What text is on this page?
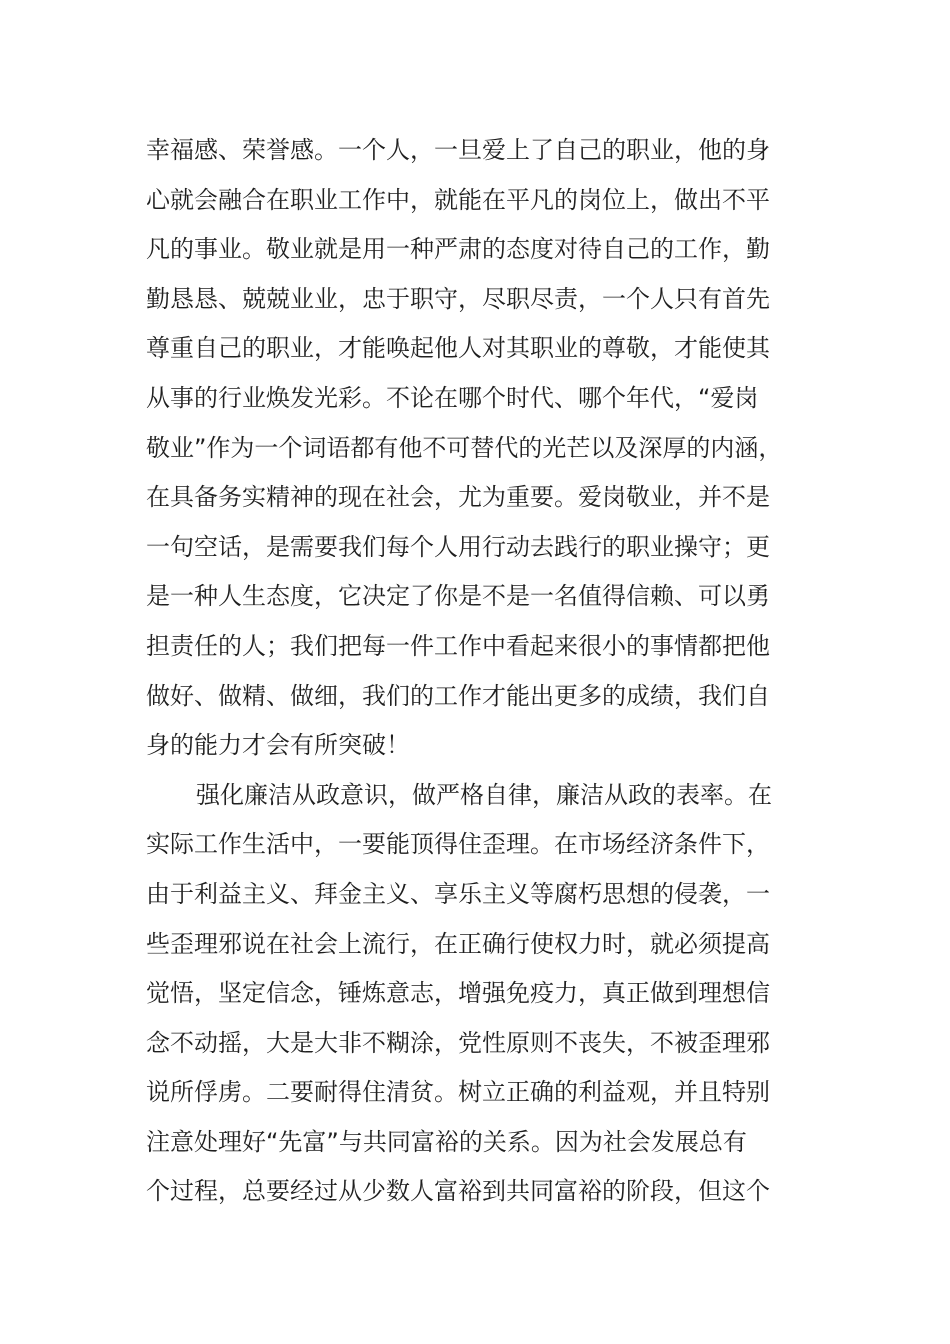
幸福感、荣誉感。一个人，一旦爱上了自己的职业，他的身
心就会融合在职业工作中，就能在平凡的岗位上，做出不平
凡的事业。敬业就是用一种严肃的态度对待自己的工作，勤
勤恳恳、兢兢业业，忠于职守，尽职尽责，一个人只有首先
尊重自己的职业，才能唤起他人对其职业的尊敬，才能使其
从事的行业焕发光彩。不论在哪个时代、哪个年代，“爱岗
敬业”作为一个词语都有他不可替代的光芒以及深厚的内涵，
在具备务实精神的现在社会，尤为重要。爱岗敬业，并不是
一句空话，是需要我们每个人用行动去践行的职业操守；更
是一种人生态度，它决定了你是不是一名值得信赖、可以勇
担责任的人；我们把每一件工作中看起来很小的事情都把他
做好、做精、做细，我们的工作才能出更多的成绩，我们自
身的能力才会有所突破！
强化廉洁从政意识，做严格自律，廉洁从政的表率。在
实际工作生活中，一要能顶得住歪理。在市场经济条件下，
由于利益主义、拜金主义、享乐主义等腐朽思想的侵袭，一
些歪理邪说在社会上流行，在正确行使权力时，就必须提高
觉悟，坚定信念，锤炼意志，增强免疫力，真正做到理想信
念不动摇，大是大非不糊涂，党性原则不丧失，不被歪理邪
说所俘虏。二要耐得住清贫。树立正确的利益观，并且特别
注意处理好“先富”与共同富裕的关系。因为社会发展总有
个过程，总要经过从少数人富裕到共同富裕的阶段，但这个
